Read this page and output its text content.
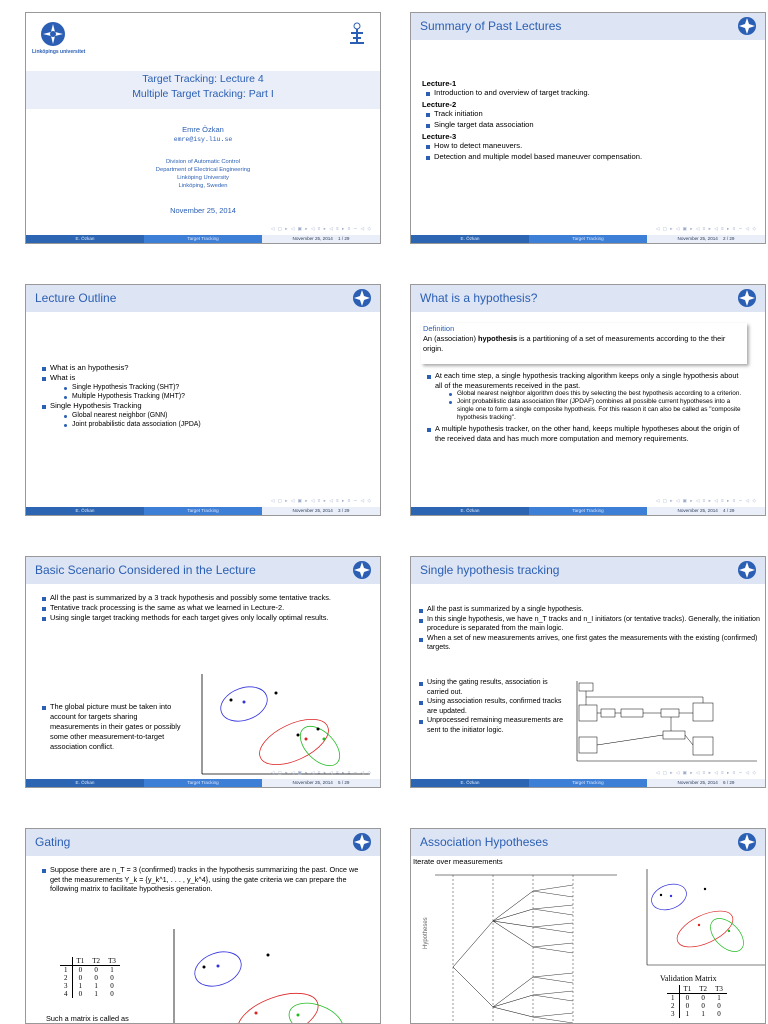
Linköpings universitet
Target Tracking: Lecture 4
Multiple Target Tracking: Part I
Emre Özkan
emre@isy.liu.se
Division of Automatic Control
Department of Electrical Engineering
Linköping University
Linköping, Sweden
November 25, 2014
◁ ▢ ▸ ◁ ▣ ▸ ◁ ≡ ▸ ◁ ≡ ▸ ≡ ∽ ◁ ◇
E. Özkan	Target Tracking	November 25, 2014 1 / 29
Summary of Past Lectures
Lecture-1
Introduction to and overview of target tracking.
Lecture-2
Track initiation
Single target data association
Lecture-3
How to detect maneuvers.
Detection and multiple model based maneuver compensation.
◁ ▢ ▸ ◁ ▣ ▸ ◁ ≡ ▸ ◁ ≡ ▸ ≡ ∽ ◁ ◇
E. Özkan	Target Tracking	November 25, 2014 2 / 29
Lecture Outline
What is an hypothesis?
What is
Single Hypothesis Tracking (SHT)?
Multiple Hypothesis Tracking (MHT)?
Single Hypothesis Tracking
Global nearest neighbor (GNN)
Joint probabilistic data association (JPDA)
◁ ▢ ▸ ◁ ▣ ▸ ◁ ≡ ▸ ◁ ≡ ▸ ≡ ∽ ◁ ◇
E. Özkan	Target Tracking	November 25, 2014 3 / 29
What is a hypothesis?
Definition
An (association) hypothesis is a partitioning of a set of measurements according to the their origin.
At each time step, a single hypothesis tracking algorithm keeps only a single hypothesis about all of the measurements received in the past.
Global nearest neighbor algorithm does this by selecting the best hypothesis according to a criterion.
Joint probabilistic data association filter (JPDAF) combines all possible current hypotheses into a single one to form a single composite hypothesis. For this reason it can also be called as "composite hypothesis tracking".
A multiple hypothesis tracker, on the other hand, keeps multiple hypotheses about the origin of the received data and has much more computation and memory requirements.
◁ ▢ ▸ ◁ ▣ ▸ ◁ ≡ ▸ ◁ ≡ ▸ ≡ ∽ ◁ ◇
E. Özkan	Target Tracking	November 25, 2014 4 / 29
Basic Scenario Considered in the Lecture
All the past is summarized by a 3 track hypothesis and possibly some tentative tracks.
Tentative track processing is the same as what we learned in Lecture-2.
Using single target tracking methods for each target gives only locally optimal results.
The global picture must be taken into account for targets sharing measurements in their gates or possibly some other measurement-to-target association conflict.
◁ ▢ ▸ ◁ ▣ ▸ ◁ ≡ ▸ ◁ ≡ ▸ ≡ ∽ ◁ ◇
E. Özkan	Target Tracking	November 25, 2014 5 / 29
Single hypothesis tracking
All the past is summarized by a single hypothesis.
In this single hypothesis, we have n_T tracks and n_I initiators (or tentative tracks). Generally, the initiation procedure is separated from the main logic.
When a set of new measurements arrives, one first gates the measurements with the existing (confirmed) targets.
Using the gating results, association is carried out.
Using association results, confirmed tracks are updated.
Unprocessed remaining measurements are sent to the initiator logic.
◁ ▢ ▸ ◁ ▣ ▸ ◁ ≡ ▸ ◁ ≡ ▸ ≡ ∽ ◁ ◇
E. Özkan	Target Tracking	November 25, 2014 6 / 29
Gating
Suppose there are n_T = 3 (confirmed) tracks in the hypothesis summarizing the past. Once we get the measurements Y_k = {y_k^1, . . . , y_k^4}, using the gate criteria we can prepare the following matrix to facilitate hypothesis generation.
	T1	T2	T3
1	0	0	1
2	0	0	0
3	1	1	0
4	0	1	0
Such a matrix is called as
Association Hypotheses
Iterate over measurements
Hypotheses
Validation Matrix
	T1	T2	T3
1	0	0	1
2	0	0	0
3	1	1	0
